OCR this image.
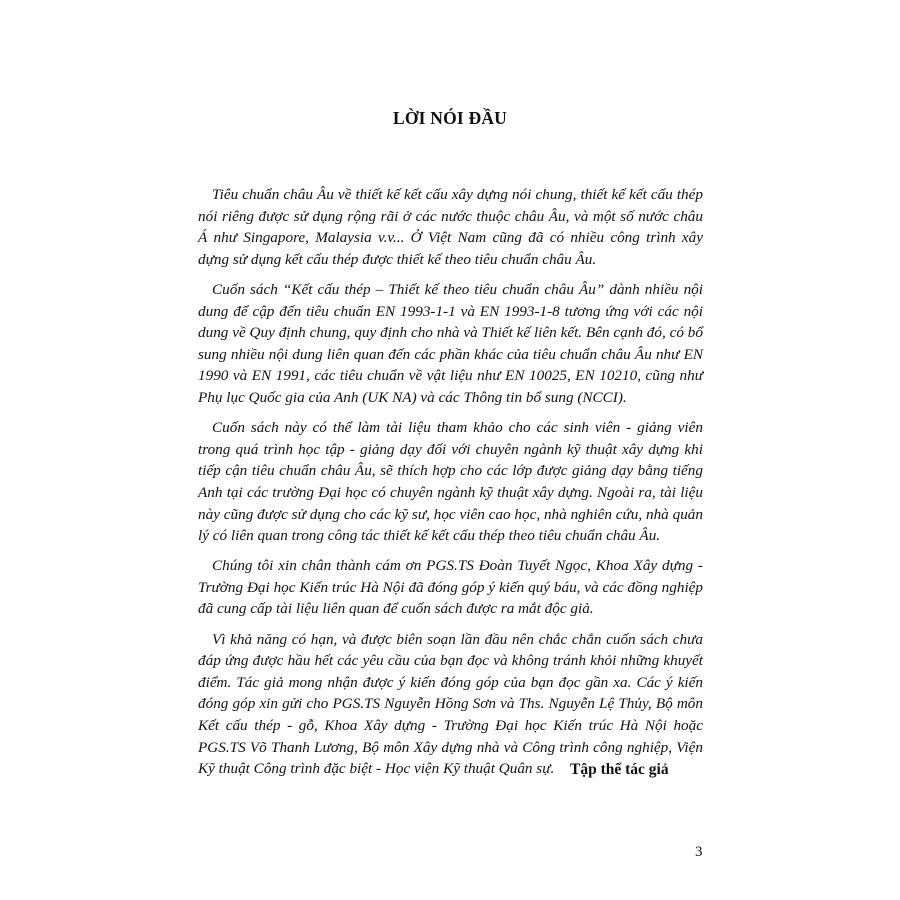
LỜI NÓI ĐẦU

Tiêu chuẩn châu Âu về thiết kế kết cấu xây dựng nói chung, thiết kế kết cấu thép nói riêng được sử dụng rộng rãi ở các nước thuộc châu Âu, và một số nước châu Á như Singapore, Malaysia v.v... Ở Việt Nam cũng đã có nhiều công trình xây dựng sử dụng kết cấu thép được thiết kế theo tiêu chuẩn châu Âu.

Cuốn sách “Kết cấu thép – Thiết kế theo tiêu chuẩn châu Âu” dành nhiều nội dung để cập đến tiêu chuẩn EN 1993-1-1 và EN 1993-1-8 tương ứng với các nội dung về Quy định chung, quy định cho nhà và Thiết kế liên kết. Bên cạnh đó, có bổ sung nhiều nội dung liên quan đến các phần khác của tiêu chuẩn châu Âu như EN 1990 và EN 1991, các tiêu chuẩn về vật liệu như EN 10025, EN 10210, cũng như Phụ lục Quốc gia của Anh (UK NA) và các Thông tin bổ sung (NCCI).

Cuốn sách này có thể làm tài liệu tham khảo cho các sinh viên - giảng viên trong quá trình học tập - giảng dạy đối với chuyên ngành kỹ thuật xây dựng khi tiếp cận tiêu chuẩn châu Âu, sẽ thích hợp cho các lớp được giảng dạy bằng tiếng Anh tại các trường Đại học có chuyên ngành kỹ thuật xây dựng. Ngoài ra, tài liệu này cũng được sử dụng cho các kỹ sư, học viên cao học, nhà nghiên cứu, nhà quản lý có liên quan trong công tác thiết kế kết cấu thép theo tiêu chuẩn châu Âu.

Chúng tôi xin chân thành cám ơn PGS.TS Đoàn Tuyết Ngọc, Khoa Xây dựng - Trường Đại học Kiến trúc Hà Nội đã đóng góp ý kiến quý báu, và các đồng nghiệp đã cung cấp tài liệu liên quan để cuốn sách được ra mắt độc giả.

Vì khả năng có hạn, và được biên soạn lần đầu nên chắc chắn cuốn sách chưa đáp ứng được hầu hết các yêu cầu của bạn đọc và không tránh khỏi những khuyết điểm. Tác giả mong nhận được ý kiến đóng góp của bạn đọc gần xa. Các ý kiến đóng góp xin gửi cho PGS.TS Nguyễn Hồng Sơn và Ths. Nguyễn Lệ Thủy, Bộ môn Kết cấu thép - gỗ, Khoa Xây dựng - Trường Đại học Kiến trúc Hà Nội hoặc PGS.TS Võ Thanh Lương, Bộ môn Xây dựng nhà và Công trình công nghiệp, Viện Kỹ thuật Công trình đặc biệt - Học viện Kỹ thuật Quân sự.	Tập thể tác giả
3
